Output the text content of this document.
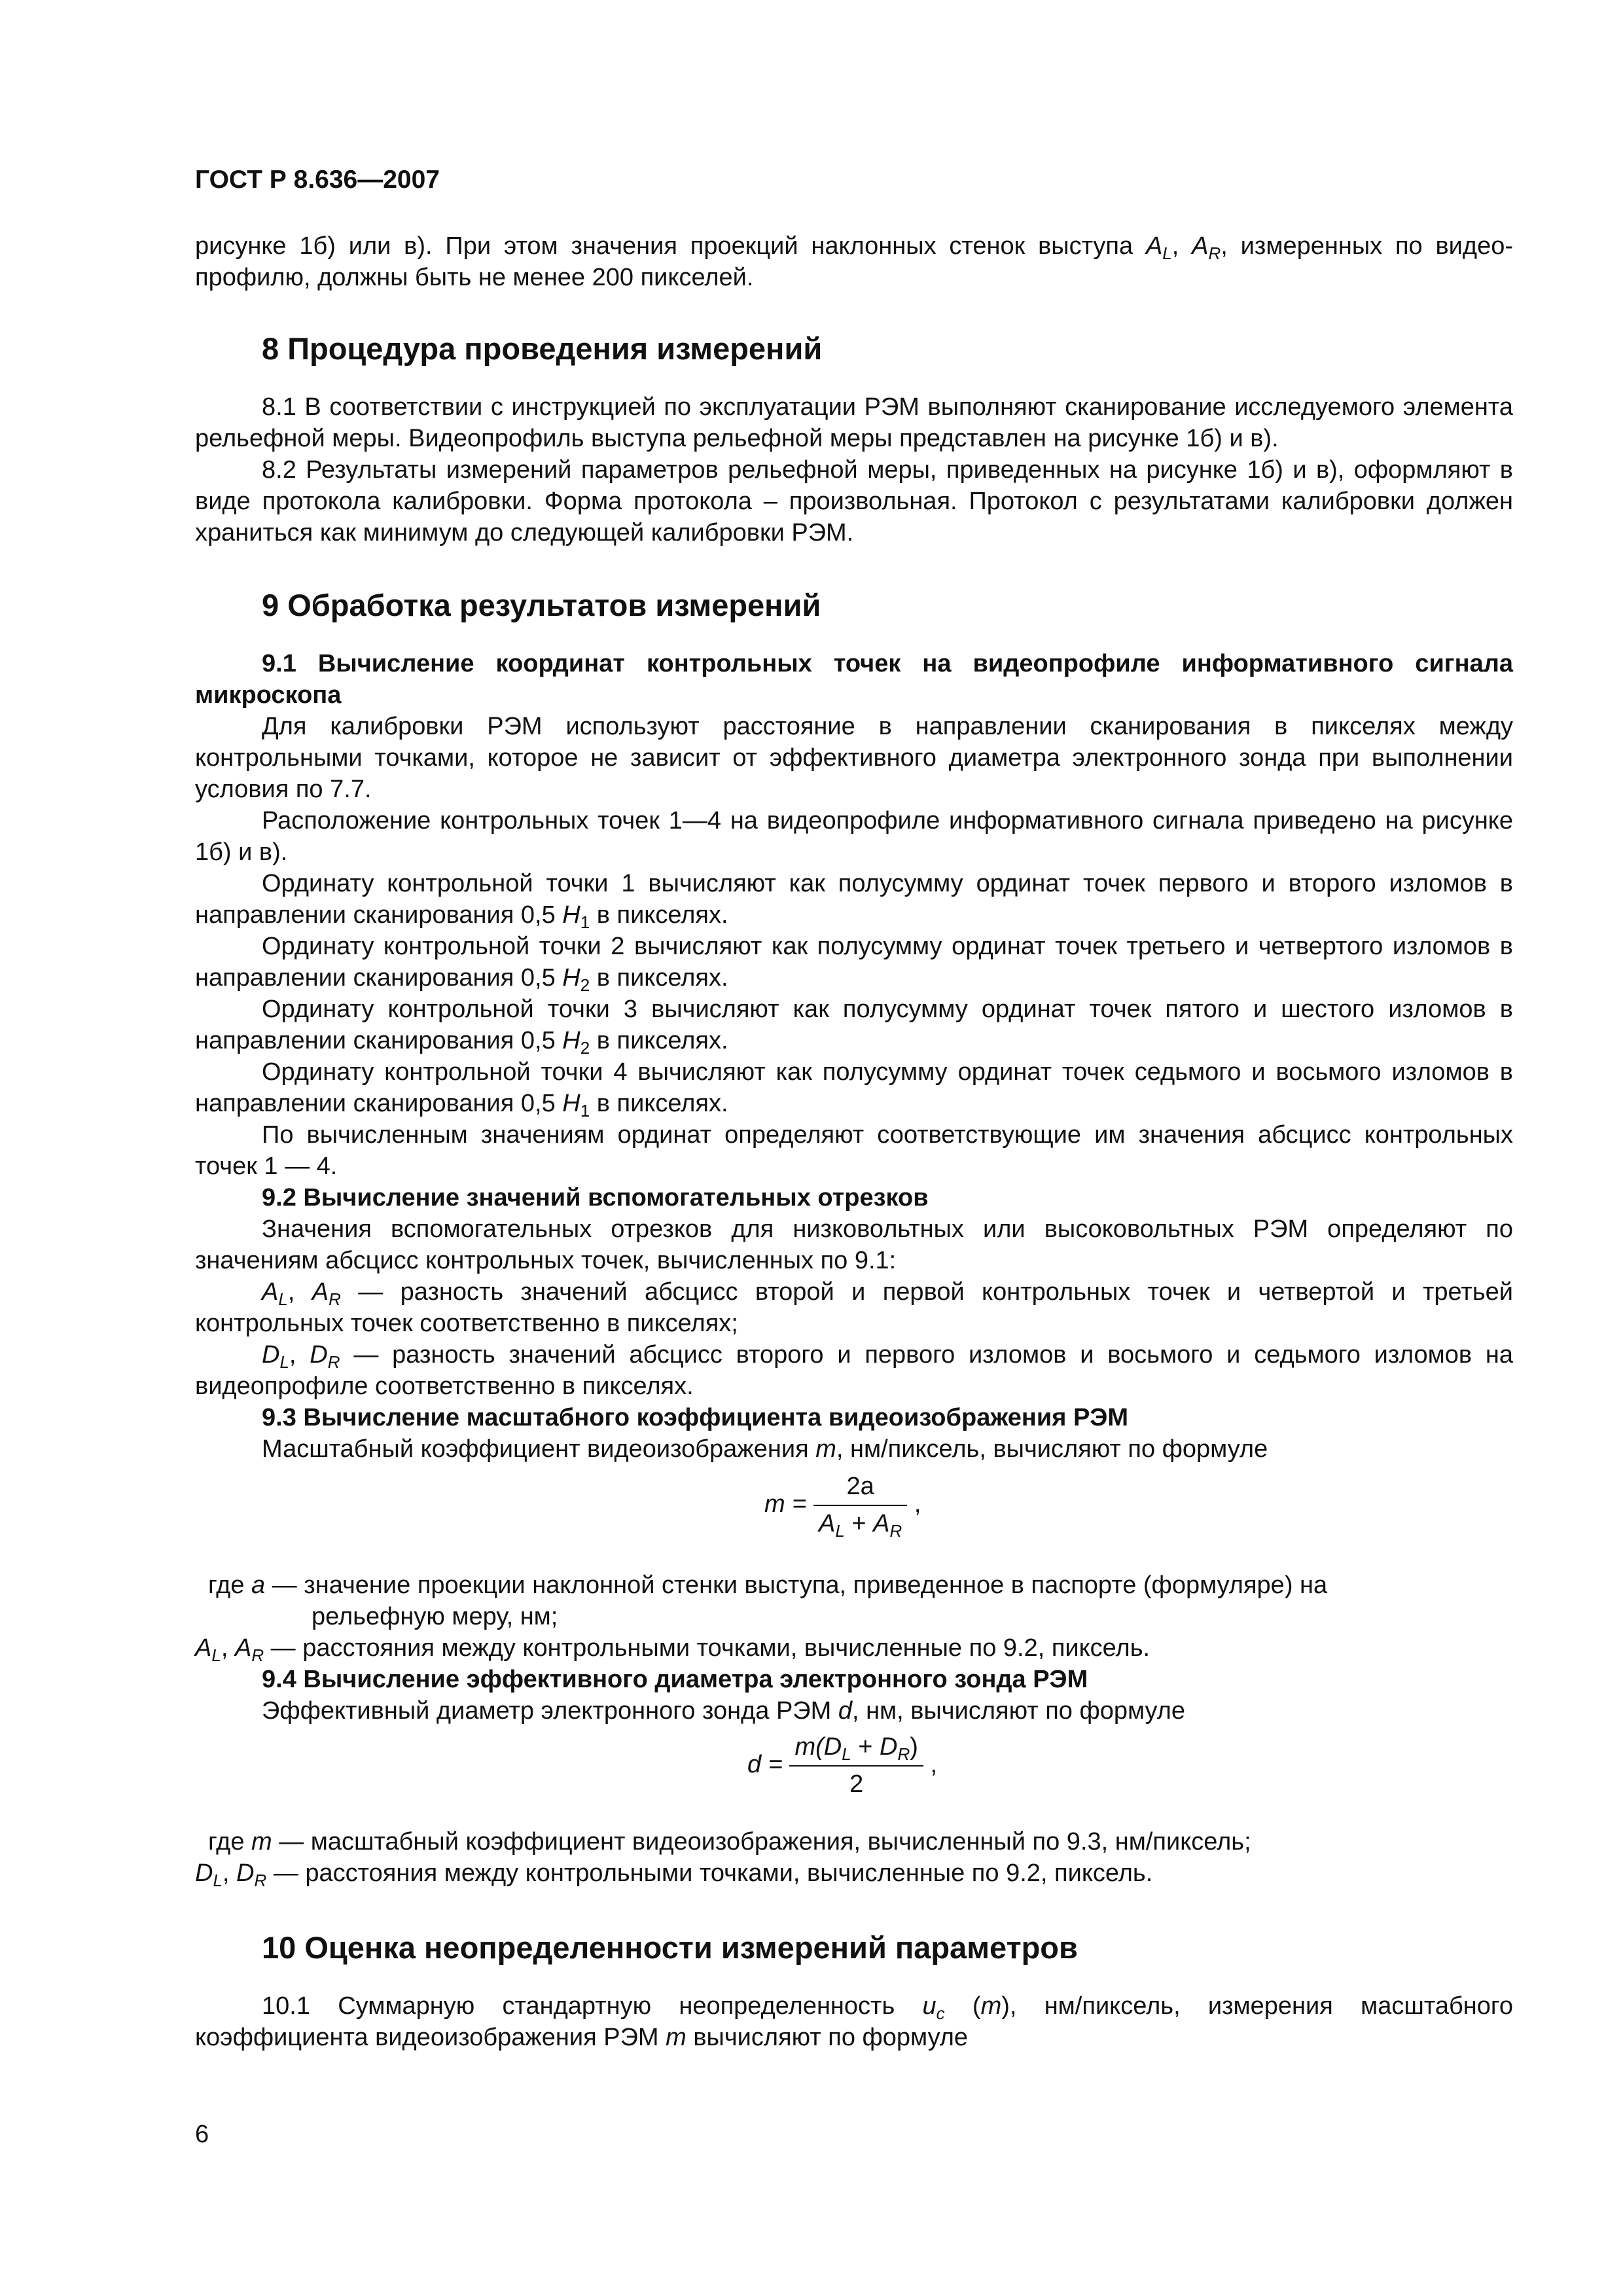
ГОСТ Р 8.636—2007

рисунке 1б) или в). При этом значения проекций наклонных стенок выступа $A_L$, $A_R$, измеренных по видео-профилю, должны быть не менее 200 пикселей.

8 Процедура проведения измерений

8.1 В соответствии с инструкцией по эксплуатации РЭМ выполняют сканирование исследуемого элемента рельефной меры. Видеопрофиль выступа рельефной меры представлен на рисунке 1б) и в).

8.2 Результаты измерений параметров рельефной меры, приведенных на рисунке 1б) и в), оформляют в виде протокола калибровки. Форма протокола – произвольная. Протокол с результатами калибровки должен храниться как минимум до следующей калибровки РЭМ.

9 Обработка результатов измерений

9.1 Вычисление координат контрольных точек на видеопрофиле информативного сигнала микроскопа

Для калибровки РЭМ используют расстояние в направлении сканирования в пикселях между контрольными точками, которое не зависит от эффективного диаметра электронного зонда при выполнении условия по 7.7.

Расположение контрольных точек 1—4 на видеопрофиле информативного сигнала приведено на рисунке 1б) и в).

Ординату контрольной точки 1 вычисляют как полусумму ординат точек первого и второго изломов в направлении сканирования 0,5 $H_1$ в пикселях.

Ординату контрольной точки 2 вычисляют как полусумму ординат точек третьего и четвертого изломов в направлении сканирования 0,5 $H_2$ в пикселях.

Ординату контрольной точки 3 вычисляют как полусумму ординат точек пятого и шестого изломов в направлении сканирования 0,5 $H_2$ в пикселях.

Ординату контрольной точки 4 вычисляют как полусумму ординат точек седьмого и восьмого изломов в направлении сканирования 0,5 $H_1$ в пикселях.

По вычисленным значениям ординат определяют соответствующие им значения абсцисс контрольных точек 1 — 4.

9.2 Вычисление значений вспомогательных отрезков

Значения вспомогательных отрезков для низковольтных или высоковольтных РЭМ определяют по значениям абсцисс контрольных точек, вычисленных по 9.1:

$A_L$, $A_R$ — разность значений абсцисс второй и первой контрольных точек и четвертой и третьей контрольных точек соответственно в пикселях;

$D_L$, $D_R$ — разность значений абсцисс второго и первого изломов и восьмого и седьмого изломов на видеопрофиле соответственно в пикселях.

9.3 Вычисление масштабного коэффициента видеоизображения РЭМ

Масштабный коэффициент видеоизображения m, нм/пиксель, вычисляют по формуле

$m = \frac{2a}{A_L + A_R}$ ,

где a — значение проекции наклонной стенки выступа, приведенное в паспорте (формуляре) на

рельефную меру, нм;

$A_L$, $A_R$ — расстояния между контрольными точками, вычисленные по 9.2, пиксель.

9.4 Вычисление эффективного диаметра электронного зонда РЭМ

Эффективный диаметр электронного зонда РЭМ d, нм, вычисляют по формуле

$d = \frac{m(D_L + D_R)}{2}$ ,

где m — масштабный коэффициент видеоизображения, вычисленный по 9.3, нм/пиксель;

$D_L$, $D_R$ — расстояния между контрольными точками, вычисленные по 9.2, пиксель.

10 Оценка неопределенности измерений параметров

10.1 Суммарную стандартную неопределенность $u_c$ (m), нм/пиксель, измерения масштабного коэффициента видеоизображения РЭМ m вычисляют по формуле

6
